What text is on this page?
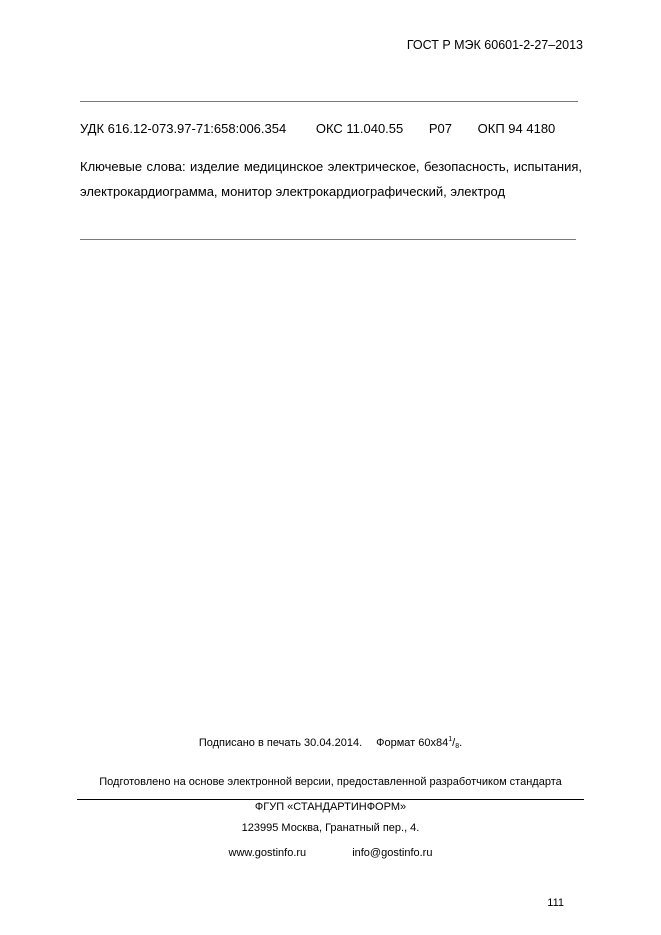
ГОСТ Р МЭК 60601-2-27–2013
УДК 616.12-073.97-71:658:006.354 ОКС 11.040.55 Р07 ОКП 94 4180
Ключевые слова: изделие медицинское электрическое, безопасность, испытания, электрокардиограмма, монитор электрокардиографический, электрод
Подписано в печать 30.04.2014. Формат $60х84^1/_8$.
Подготовлено на основе электронной версии, предоставленной разработчиком стандарта
ФГУП «СТАНДАРТИНФОРМ»
123995 Москва, Гранатный пер., 4.
www.gostinfo.ru	info@gostinfo.ru
111
